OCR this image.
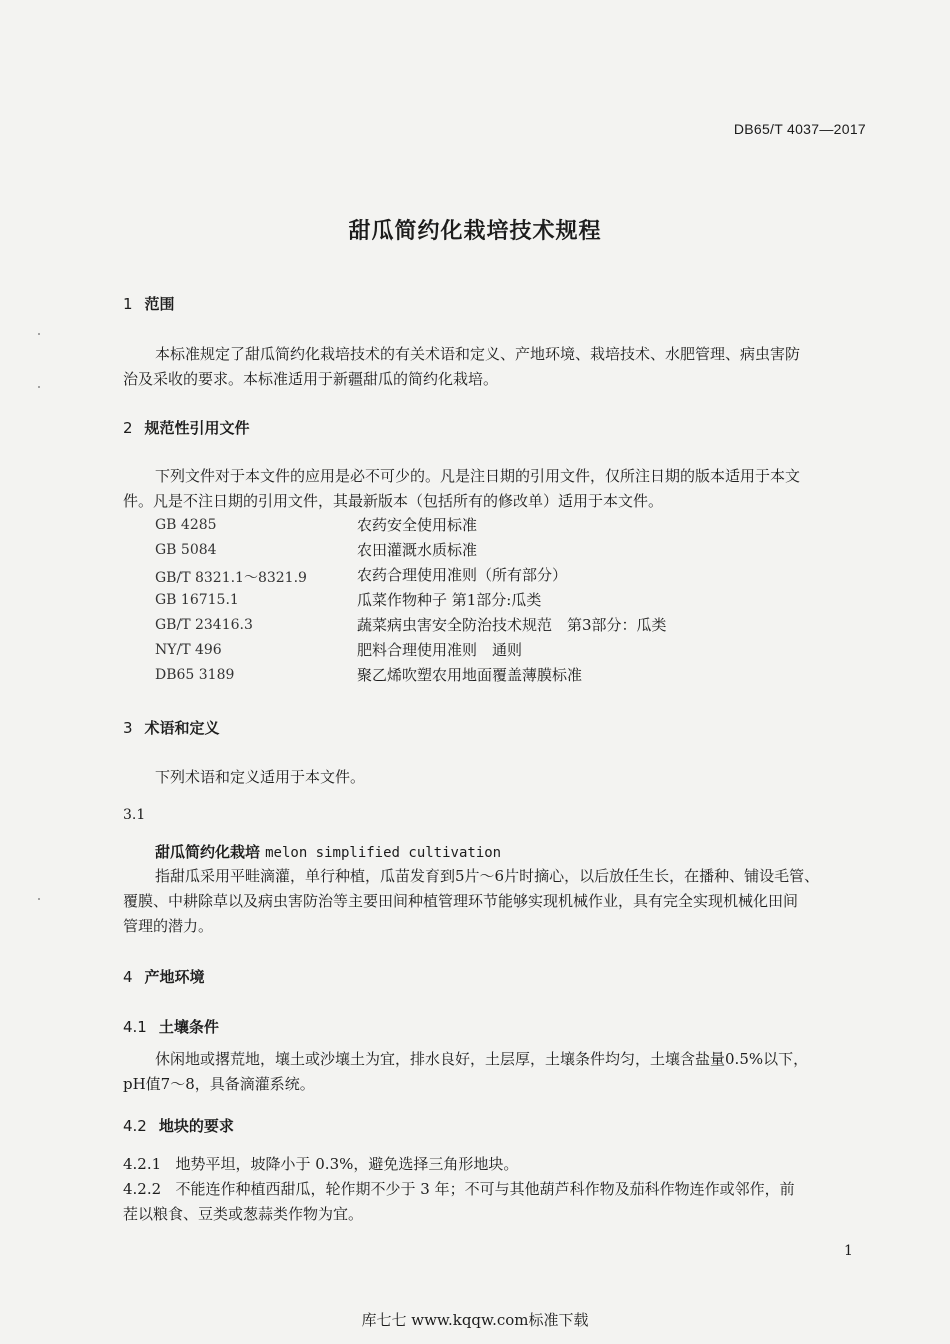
DB65/T 4037—2017
甜瓜简约化栽培技术规程
1 范围
本标准规定了甜瓜简约化栽培技术的有关术语和定义、产地环境、栽培技术、水肥管理、病虫害防
治及采收的要求。本标准适用于新疆甜瓜的简约化栽培。
2 规范性引用文件
下列文件对于本文件的应用是必不可少的。凡是注日期的引用文件，仅所注日期的版本适用于本文
件。凡是不注日期的引用文件，其最新版本（包括所有的修改单）适用于本文件。
GB 4285	农药安全使用标准
GB 5084	农田灌溉水质标准
GB/T 8321.1～8321.9	农药合理使用准则（所有部分）
GB 16715.1	瓜菜作物种子 第1部分:瓜类
GB/T 23416.3	蔬菜病虫害安全防治技术规范　第3部分：瓜类
NY/T 496	肥料合理使用准则　通则
DB65 3189	聚乙烯吹塑农用地面覆盖薄膜标准
3 术语和定义
下列术语和定义适用于本文件。
3.1
甜瓜简约化栽培 melon simplified cultivation
指甜瓜采用平畦滴灌，单行种植，瓜苗发育到5片～6片时摘心，以后放任生长，在播种、铺设毛管、
覆膜、中耕除草以及病虫害防治等主要田间种植管理环节能够实现机械作业，具有完全实现机械化田间
管理的潜力。
4 产地环境
4.1 土壤条件
休闲地或撂荒地，壤土或沙壤土为宜，排水良好，土层厚，土壤条件均匀，土壤含盐量0.5%以下，
pH值7～8，具备滴灌系统。
4.2 地块的要求
4.2.1 地势平坦，坡降小于 0.3%，避免选择三角形地块。
4.2.2 不能连作种植西甜瓜，轮作期不少于 3 年；不可与其他葫芦科作物及茄科作物连作或邻作，前
茬以粮食、豆类或葱蒜类作物为宜。
1
库七七 www.kqqw.com标准下载
